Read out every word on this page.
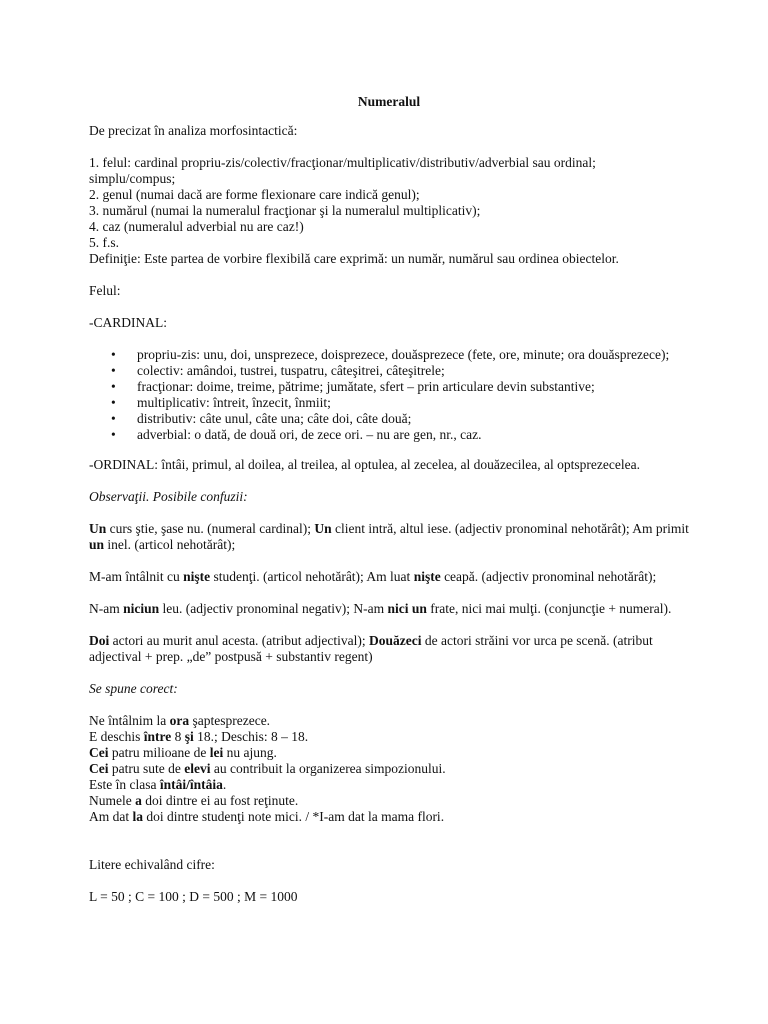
Numeralul

De precizat în analiza morfosintactică:

1. felul: cardinal propriu-zis/colectiv/fracţionar/multiplicativ/distributiv/adverbial sau ordinal;

simplu/compus;

2. genul (numai dacă are forme flexionare care indică genul);

3. numărul (numai la numeralul fracţionar şi la numeralul multiplicativ);

4. caz (numeralul adverbial nu are caz!)

5. f.s.

Definiţie: Este partea de vorbire flexibilă care exprimă: un număr, numărul sau ordinea obiectelor.

Felul:

-CARDINAL:

• propriu-zis: unu, doi, unsprezece, doisprezece, douăsprezece (fete, ore, minute; ora douăsprezece);
• colectiv: amândoi, tustrei, tuspatru, câteşitrei, câteşitrele;
• fracţionar: doime, treime, pătrime; jumătate, sfert – prin articulare devin substantive;
• multiplicativ: întreit, înzecit, înmiit;
• distributiv: câte unul, câte una; câte doi, câte două;
• adverbial: o dată, de două ori, de zece ori. – nu are gen, nr., caz.

-ORDINAL: întâi, primul, al doilea, al treilea, al optulea, al zecelea, al douăzecilea, al optsprezecelea.

Observaţii. Posibile confuzii:

Un curs ştie, şase nu. (numeral cardinal); Un client intră, altul iese. (adjectiv pronominal nehotărât); Am primit un inel. (articol nehotărât);

M-am întâlnit cu nişte studenţi. (articol nehotărât); Am luat nişte ceapă. (adjectiv pronominal nehotărât);

N-am niciun leu. (adjectiv pronominal negativ); N-am nici un frate, nici mai mulţi. (conjuncţie + numeral).

Doi actori au murit anul acesta. (atribut adjectival); Douăzeci de actori străini vor urca pe scenă. (atribut adjectival + prep. „de” postpusă + substantiv regent)

Se spune corect:

Ne întâlnim la ora şaptesprezece.

E deschis între 8 şi 18.; Deschis: 8 – 18.

Cei patru milioane de lei nu ajung.

Cei patru sute de elevi au contribuit la organizerea simpozionului.

Este în clasa întâi/întâia.

Numele a doi dintre ei au fost reţinute.

Am dat la doi dintre studenţi note mici. / *I-am dat la mama flori.

Litere echivalând cifre:

L = 50 ; C = 100 ; D = 500 ; M = 1000
